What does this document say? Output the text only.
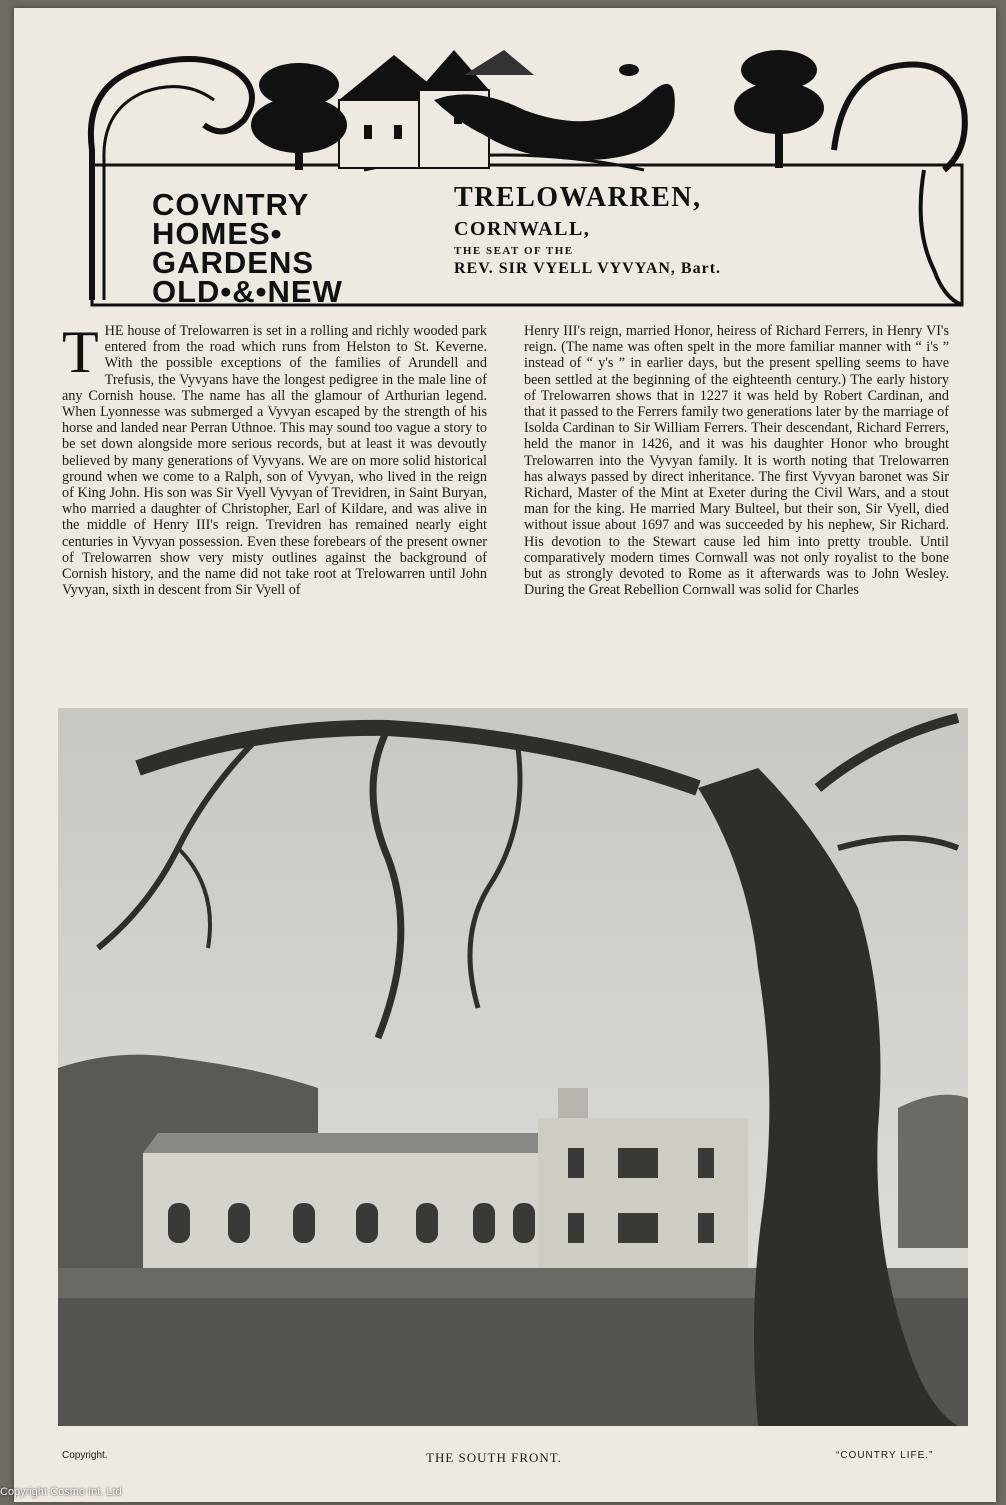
COVNTRY
HOMES•
GARDENS
OLD•&•NEW
TRELOWARREN,
CORNWALL,
THE SEAT OF THE
REV. SIR VYELL VYVYAN, Bart.
THE house of Trelowarren is set in a rolling and richly wooded park entered from the road which runs from Helston to St. Keverne. With the possible exceptions of the families of Arundell and Trefusis, the Vyvyans have the longest pedigree in the male line of any Cornish house. The name has all the glamour of Arthurian legend. When Lyonnesse was submerged a Vyvyan escaped by the strength of his horse and landed near Perran Uthnoe. This may sound too vague a story to be set down alongside more serious records, but at least it was devoutly believed by many generations of Vyvyans. We are on more solid historical ground when we come to a Ralph, son of Vyvyan, who lived in the reign of King John. His son was Sir Vyell Vyvyan of Trevidren, in Saint Buryan, who married a daughter of Christopher, Earl of Kildare, and was alive in the middle of Henry III's reign. Trevidren has remained nearly eight centuries in Vyvyan possession. Even these forebears of the present owner of Trelowarren show very misty outlines against the background of Cornish history, and the name did not take root at Trelowarren until John Vyvyan, sixth in descent from Sir Vyell of
Henry III's reign, married Honor, heiress of Richard Ferrers, in Henry VI's reign. (The name was often spelt in the more familiar manner with “ i's ” instead of “ y's ” in earlier days, but the present spelling seems to have been settled at the beginning of the eighteenth century.) The early history of Trelowarren shows that in 1227 it was held by Robert Cardinan, and that it passed to the Ferrers family two generations later by the marriage of Isolda Cardinan to Sir William Ferrers. Their descendant, Richard Ferrers, held the manor in 1426, and it was his daughter Honor who brought Trelowarren into the Vyvyan family. It is worth noting that Trelowarren has always passed by direct inheritance. The first Vyvyan baronet was Sir Richard, Master of the Mint at Exeter during the Civil Wars, and a stout man for the king. He married Mary Bulteel, but their son, Sir Vyell, died without issue about 1697 and was succeeded by his nephew, Sir Richard. His devotion to the Stewart cause led him into pretty trouble. Until comparatively modern times Cornwall was not only royalist to the bone but as strongly devoted to Rome as it afterwards was to John Wesley. During the Great Rebellion Cornwall was solid for Charles
Copyright.	THE SOUTH FRONT.	“COUNTRY LIFE.”
Copyright Cosmo Int. Ltd
